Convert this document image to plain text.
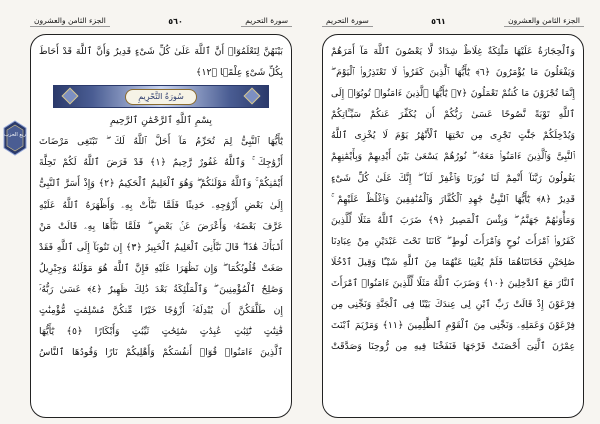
سورة التحريم
٥٦٠
الجزء الثامن والعشرون
بَيْنَهُنَّ لِتَعْلَمُوٓا۟ أَنَّ ٱللَّهَ عَلَىٰ كُلِّ شَىْءٍ قَدِيرٌ وَأَنَّ ٱللَّهَ قَدْ أَحَاطَ
بِكُلِّ شَىْءٍ عِلْمًۢا ﴿١٢﴾
سُورَةُ التَّحْرِيمِ
بِسْمِ ٱللَّهِ ٱلرَّحْمَٰنِ ٱلرَّحِيمِ
يَٰٓأَيُّهَا ٱلنَّبِىُّ لِمَ تُحَرِّمُ مَآ أَحَلَّ ٱللَّهُ لَكَ ۖ تَبْتَغِى مَرْضَاتَ
أَزْوَٰجِكَ ۚ وَٱللَّهُ غَفُورٌ رَّحِيمٌ ﴿١﴾ قَدْ فَرَضَ ٱللَّهُ لَكُمْ تَحِلَّةَ
أَيْمَٰنِكُمْ ۚ وَٱللَّهُ مَوْلَىٰكُمْ ۖ وَهُوَ ٱلْعَلِيمُ ٱلْحَكِيمُ ﴿٢﴾ وَإِذْ أَسَرَّ ٱلنَّبِىُّ
إِلَىٰ بَعْضِ أَزْوَٰجِهِۦ حَدِيثًا فَلَمَّا نَبَّأَتْ بِهِۦ وَأَظْهَرَهُ ٱللَّهُ عَلَيْهِ
عَرَّفَ بَعْضَهُۥ وَأَعْرَضَ عَنۢ بَعْضٍ ۖ فَلَمَّا نَبَّأَهَا بِهِۦ قَالَتْ مَنْ
أَنۢبَأَكَ هَٰذَا ۖ قَالَ نَبَّأَنِىَ ٱلْعَلِيمُ ٱلْخَبِيرُ ﴿٣﴾ إِن تَتُوبَآ إِلَى ٱللَّهِ فَقَدْ
صَغَتْ قُلُوبُكُمَا ۖ وَإِن تَظَٰهَرَا عَلَيْهِ فَإِنَّ ٱللَّهَ هُوَ مَوْلَىٰهُ وَجِبْرِيلُ
وَصَٰلِحُ ٱلْمُؤْمِنِينَ ۖ وَٱلْمَلَٰٓئِكَةُ بَعْدَ ذَٰلِكَ ظَهِيرٌ ﴿٤﴾ عَسَىٰ رَبُّهُۥٓ
إِن طَلَّقَكُنَّ أَن يُبْدِلَهُۥٓ أَزْوَٰجًا خَيْرًا مِّنكُنَّ مُسْلِمَٰتٍ مُّؤْمِنَٰتٍ
قَٰنِتَٰتٍ تَٰٓئِبَٰتٍ عَٰبِدَٰتٍ سَٰٓئِحَٰتٍ ثَيِّبَٰتٍ وَأَبْكَارًا ﴿٥﴾ يَٰٓأَيُّهَا
ٱلَّذِينَ ءَامَنُوا۟ قُوٓا۟ أَنفُسَكُمْ وَأَهْلِيكُمْ نَارًا وَقُودُهَا ٱلنَّاسُ
ربع الحزب
الجزء الثامن والعشرون
٥٦١
سورة التحريم
وَٱلْحِجَارَةُ عَلَيْهَا مَلَٰٓئِكَةٌ غِلَاظٌ شِدَادٌ لَّا يَعْصُونَ ٱللَّهَ مَآ أَمَرَهُمْ
وَيَفْعَلُونَ مَا يُؤْمَرُونَ ﴿٦﴾ يَٰٓأَيُّهَا ٱلَّذِينَ كَفَرُوا۟ لَا تَعْتَذِرُوا۟ ٱلْيَوْمَ ۖ
إِنَّمَا تُجْزَوْنَ مَا كُنتُمْ تَعْمَلُونَ ﴿٧﴾ يَٰٓأَيُّهَا ٱلَّذِينَ ءَامَنُوا۟ تُوبُوٓا۟ إِلَى
ٱللَّهِ تَوْبَةً نَّصُوحًا عَسَىٰ رَبُّكُمْ أَن يُكَفِّرَ عَنكُمْ سَيِّـَٔاتِكُمْ
وَيُدْخِلَكُمْ جَنَّٰتٍ تَجْرِى مِن تَحْتِهَا ٱلْأَنْهَٰرُ يَوْمَ لَا يُخْزِى ٱللَّهُ
ٱلنَّبِىَّ وَٱلَّذِينَ ءَامَنُوا۟ مَعَهُۥ ۖ نُورُهُمْ يَسْعَىٰ بَيْنَ أَيْدِيهِمْ وَبِأَيْمَٰنِهِمْ
يَقُولُونَ رَبَّنَآ أَتْمِمْ لَنَا نُورَنَا وَٱغْفِرْ لَنَآ ۖ إِنَّكَ عَلَىٰ كُلِّ شَىْءٍ
قَدِيرٌ ﴿٨﴾ يَٰٓأَيُّهَا ٱلنَّبِىُّ جَٰهِدِ ٱلْكُفَّارَ وَٱلْمُنَٰفِقِينَ وَٱغْلُظْ عَلَيْهِمْ ۚ
وَمَأْوَىٰهُمْ جَهَنَّمُ ۖ وَبِئْسَ ٱلْمَصِيرُ ﴿٩﴾ ضَرَبَ ٱللَّهُ مَثَلًا لِّلَّذِينَ
كَفَرُوا۟ ٱمْرَأَتَ نُوحٍ وَٱمْرَأَتَ لُوطٍ ۖ كَانَتَا تَحْتَ عَبْدَيْنِ مِنْ عِبَادِنَا
صَٰلِحَيْنِ فَخَانَتَاهُمَا فَلَمْ يُغْنِيَا عَنْهُمَا مِنَ ٱللَّهِ شَيْـًٔا وَقِيلَ ٱدْخُلَا
ٱلنَّارَ مَعَ ٱلدَّٰخِلِينَ ﴿١٠﴾ وَضَرَبَ ٱللَّهُ مَثَلًا لِّلَّذِينَ ءَامَنُوا۟ ٱمْرَأَتَ
فِرْعَوْنَ إِذْ قَالَتْ رَبِّ ٱبْنِ لِى عِندَكَ بَيْتًا فِى ٱلْجَنَّةِ وَنَجِّنِى مِن
فِرْعَوْنَ وَعَمَلِهِۦ وَنَجِّنِى مِنَ ٱلْقَوْمِ ٱلظَّٰلِمِينَ ﴿١١﴾ وَمَرْيَمَ ٱبْنَتَ
عِمْرَٰنَ ٱلَّتِىٓ أَحْصَنَتْ فَرْجَهَا فَنَفَخْنَا فِيهِ مِن رُّوحِنَا وَصَدَّقَتْ
